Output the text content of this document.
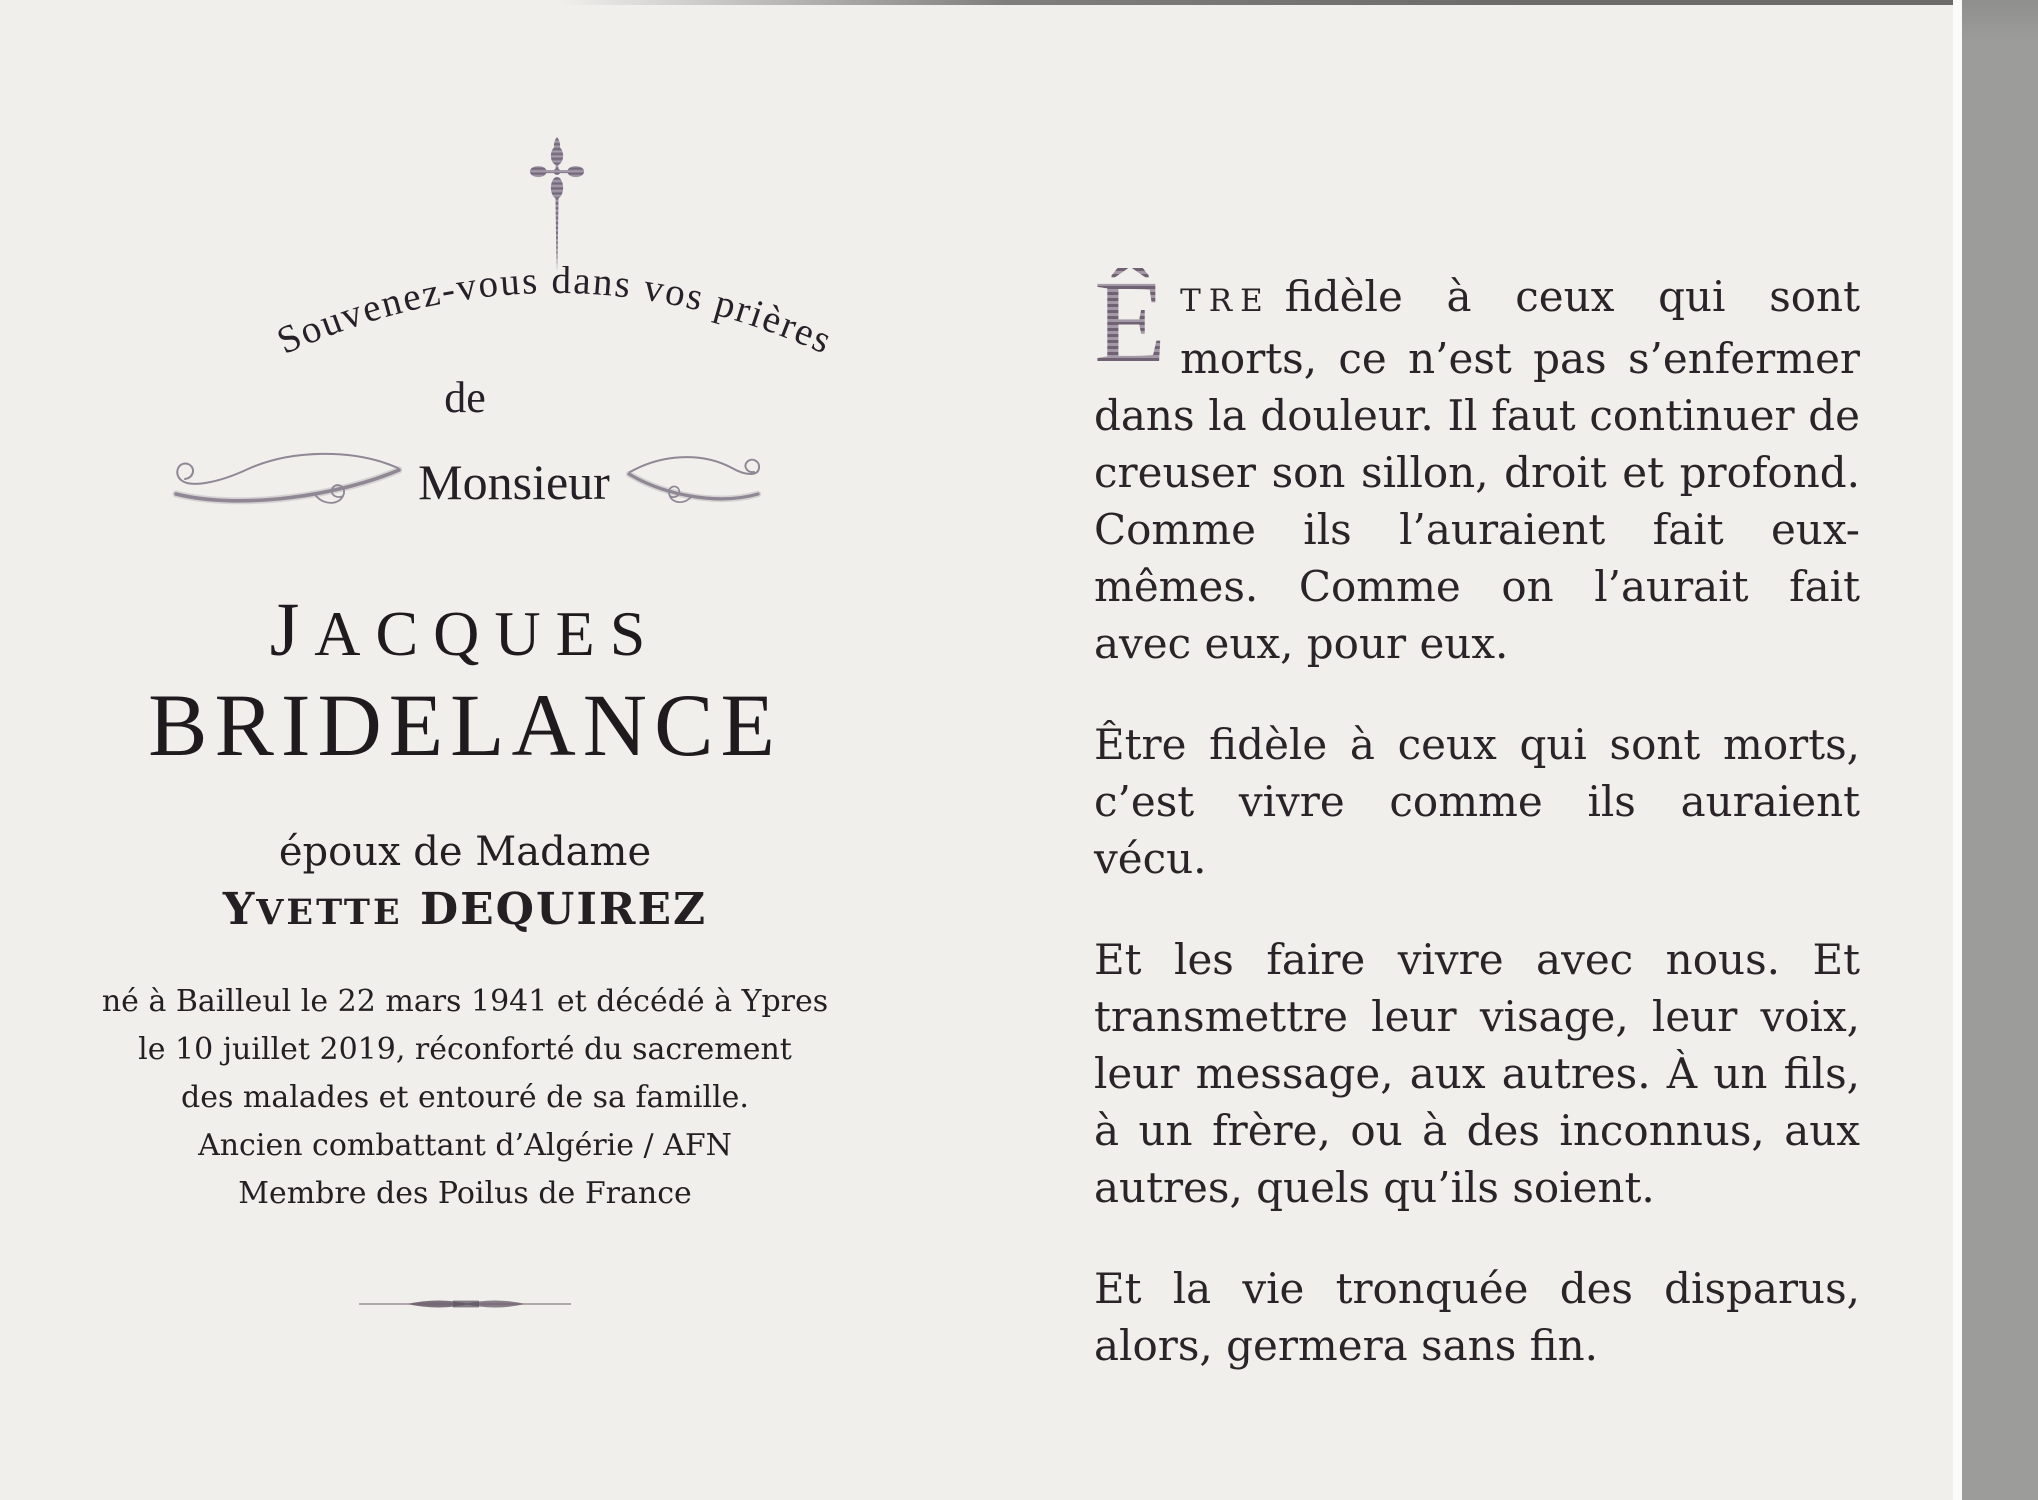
Souvenez-vous dans vos prières
de
Monsieur
JACQUES
BRIDELANCE
époux de Madame
YVETTE DEQUIREZ
né à Bailleul le 22 mars 1941 et décédé à Ypres
le 10 juillet 2019, réconforté du sacrement
des malades et entouré de sa famille.
Ancien combattant d’Algérie / AFN
Membre des Poilus de France

Ê TRE fidèle à ceux qui sont morts, ce n’est pas s’enfermer dans la douleur. Il faut continuer de creuser son sillon, droit et profond. Comme ils l’auraient fait eux-mêmes. Comme on l’aurait fait avec eux, pour eux.

Être fidèle à ceux qui sont morts, c’est vivre comme ils auraient vécu.

Et les faire vivre avec nous. Et transmettre leur visage, leur voix, leur message, aux autres. À un fils, à un frère, ou à des inconnus, aux autres, quels qu’ils soient.

Et la vie tronquée des disparus, alors, germera sans fin.
